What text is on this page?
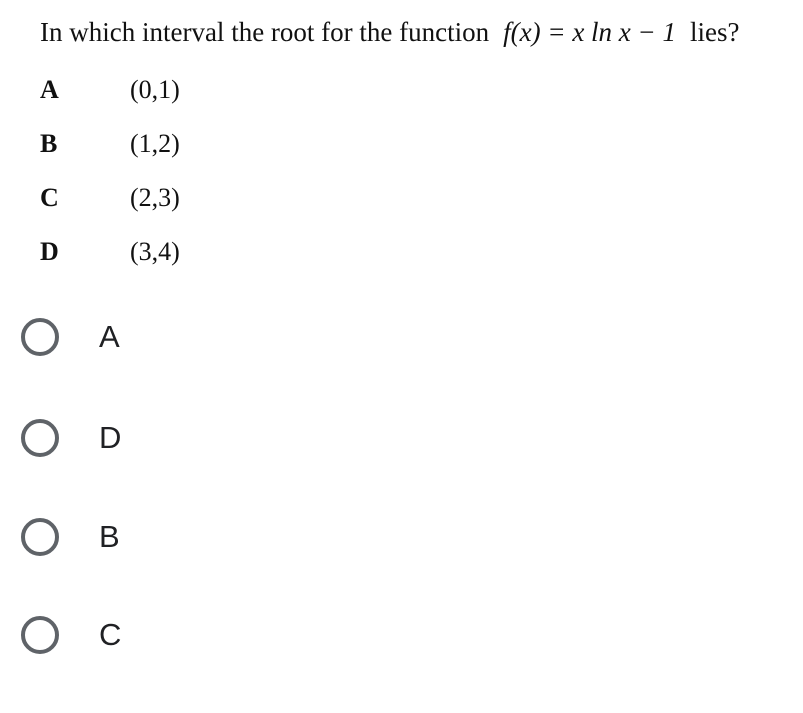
In which interval the root for the function f(x) = x ln x − 1 lies?
A	(0,1)
B	(1,2)
C	(2,3)
D	(3,4)
A
D
B
C
